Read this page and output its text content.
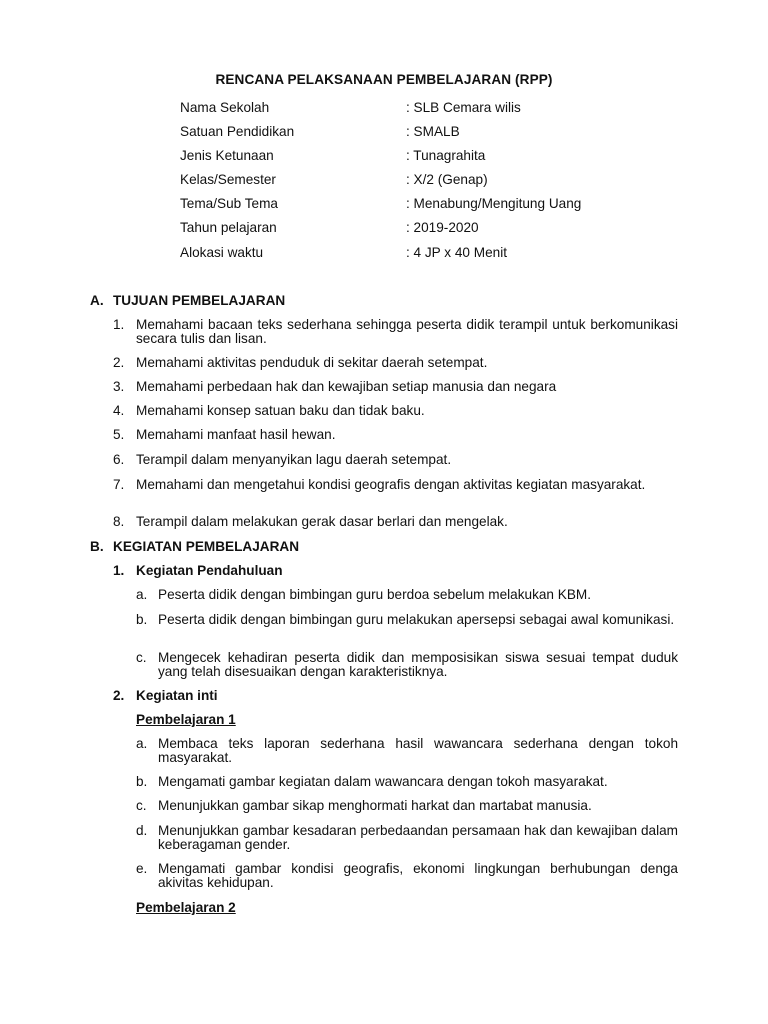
RENCANA PELAKSANAAN PEMBELAJARAN (RPP)
Nama Sekolah	: SLB Cemara wilis
Satuan Pendidikan	: SMALB
Jenis Ketunaan	: Tunagrahita
Kelas/Semester	: X/2 (Genap)
Tema/Sub Tema	: Menabung/Mengitung Uang
Tahun pelajaran	: 2019-2020
Alokasi waktu	: 4 JP x 40 Menit
A. TUJUAN PEMBELAJARAN
1. Memahami bacaan teks sederhana sehingga peserta didik terampil untuk berkomunikasi secara tulis dan lisan.
2. Memahami aktivitas penduduk di sekitar daerah setempat.
3. Memahami perbedaan hak dan kewajiban setiap manusia dan negara
4. Memahami konsep satuan baku dan tidak baku.
5. Memahami manfaat hasil hewan.
6. Terampil dalam menyanyikan lagu daerah setempat.
7. Memahami dan mengetahui kondisi geografis dengan aktivitas kegiatan masyarakat.
8. Terampil dalam melakukan gerak dasar berlari dan mengelak.
B. KEGIATAN PEMBELAJARAN
1. Kegiatan Pendahuluan
a. Peserta didik dengan bimbingan guru berdoa sebelum melakukan KBM.
b. Peserta didik dengan bimbingan guru melakukan apersepsi sebagai awal komunikasi.
c. Mengecek kehadiran peserta didik dan memposisikan siswa sesuai tempat duduk yang telah disesuaikan dengan karakteristiknya.
2. Kegiatan inti
Pembelajaran 1
a. Membaca teks laporan sederhana hasil wawancara sederhana dengan tokoh masyarakat.
b. Mengamati gambar kegiatan dalam wawancara dengan tokoh masyarakat.
c. Menunjukkan gambar sikap menghormati harkat dan martabat manusia.
d. Menunjukkan gambar kesadaran perbedaandan persamaan hak dan kewajiban dalam keberagaman gender.
e. Mengamati gambar kondisi geografis, ekonomi lingkungan berhubungan denga akivitas kehidupan.
Pembelajaran 2
